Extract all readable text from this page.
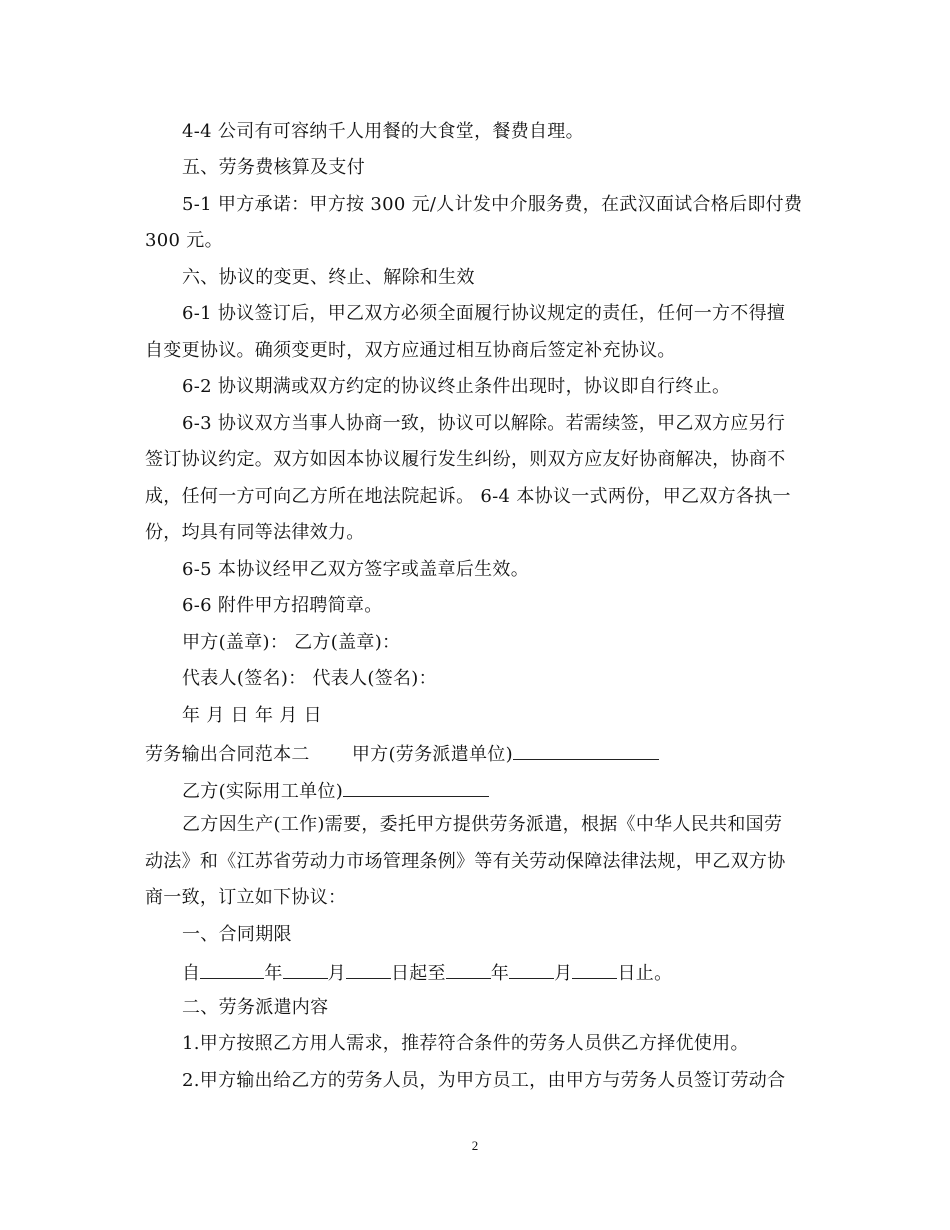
4-4 公司有可容纳千人用餐的大食堂，餐费自理。
五、劳务费核算及支付
5-1 甲方承诺：甲方按 300 元/人计发中介服务费，在武汉面试合格后即付费
300 元。
六、协议的变更、终止、解除和生效
6-1 协议签订后，甲乙双方必须全面履行协议规定的责任，任何一方不得擅
自变更协议。确须变更时，双方应通过相互协商后签定补充协议。
6-2 协议期满或双方约定的协议终止条件出现时，协议即自行终止。
6-3 协议双方当事人协商一致，协议可以解除。若需续签，甲乙双方应另行
签订协议约定。双方如因本协议履行发生纠纷，则双方应友好协商解决，协商不
成，任何一方可向乙方所在地法院起诉。 6-4 本协议一式两份，甲乙双方各执一
份，均具有同等法律效力。
6-5 本协议经甲乙双方签字或盖章后生效。
6-6 附件甲方招聘简章。
甲方(盖章)： 乙方(盖章)：
代表人(签名)： 代表人(签名)：
年 月 日 年 月 日
劳务输出合同范本二 甲方(劳务派遣单位)
乙方(实际用工单位)
乙方因生产(工作)需要，委托甲方提供劳务派遣，根据《中华人民共和国劳
动法》和《江苏省劳动力市场管理条例》等有关劳动保障法律法规，甲乙双方协
商一致，订立如下协议：
一、合同期限
自	年	月	日起至	年	月	日止。
二、劳务派遣内容
1.甲方按照乙方用人需求，推荐符合条件的劳务人员供乙方择优使用。
2.甲方输出给乙方的劳务人员，为甲方员工，由甲方与劳务人员签订劳动合
2
